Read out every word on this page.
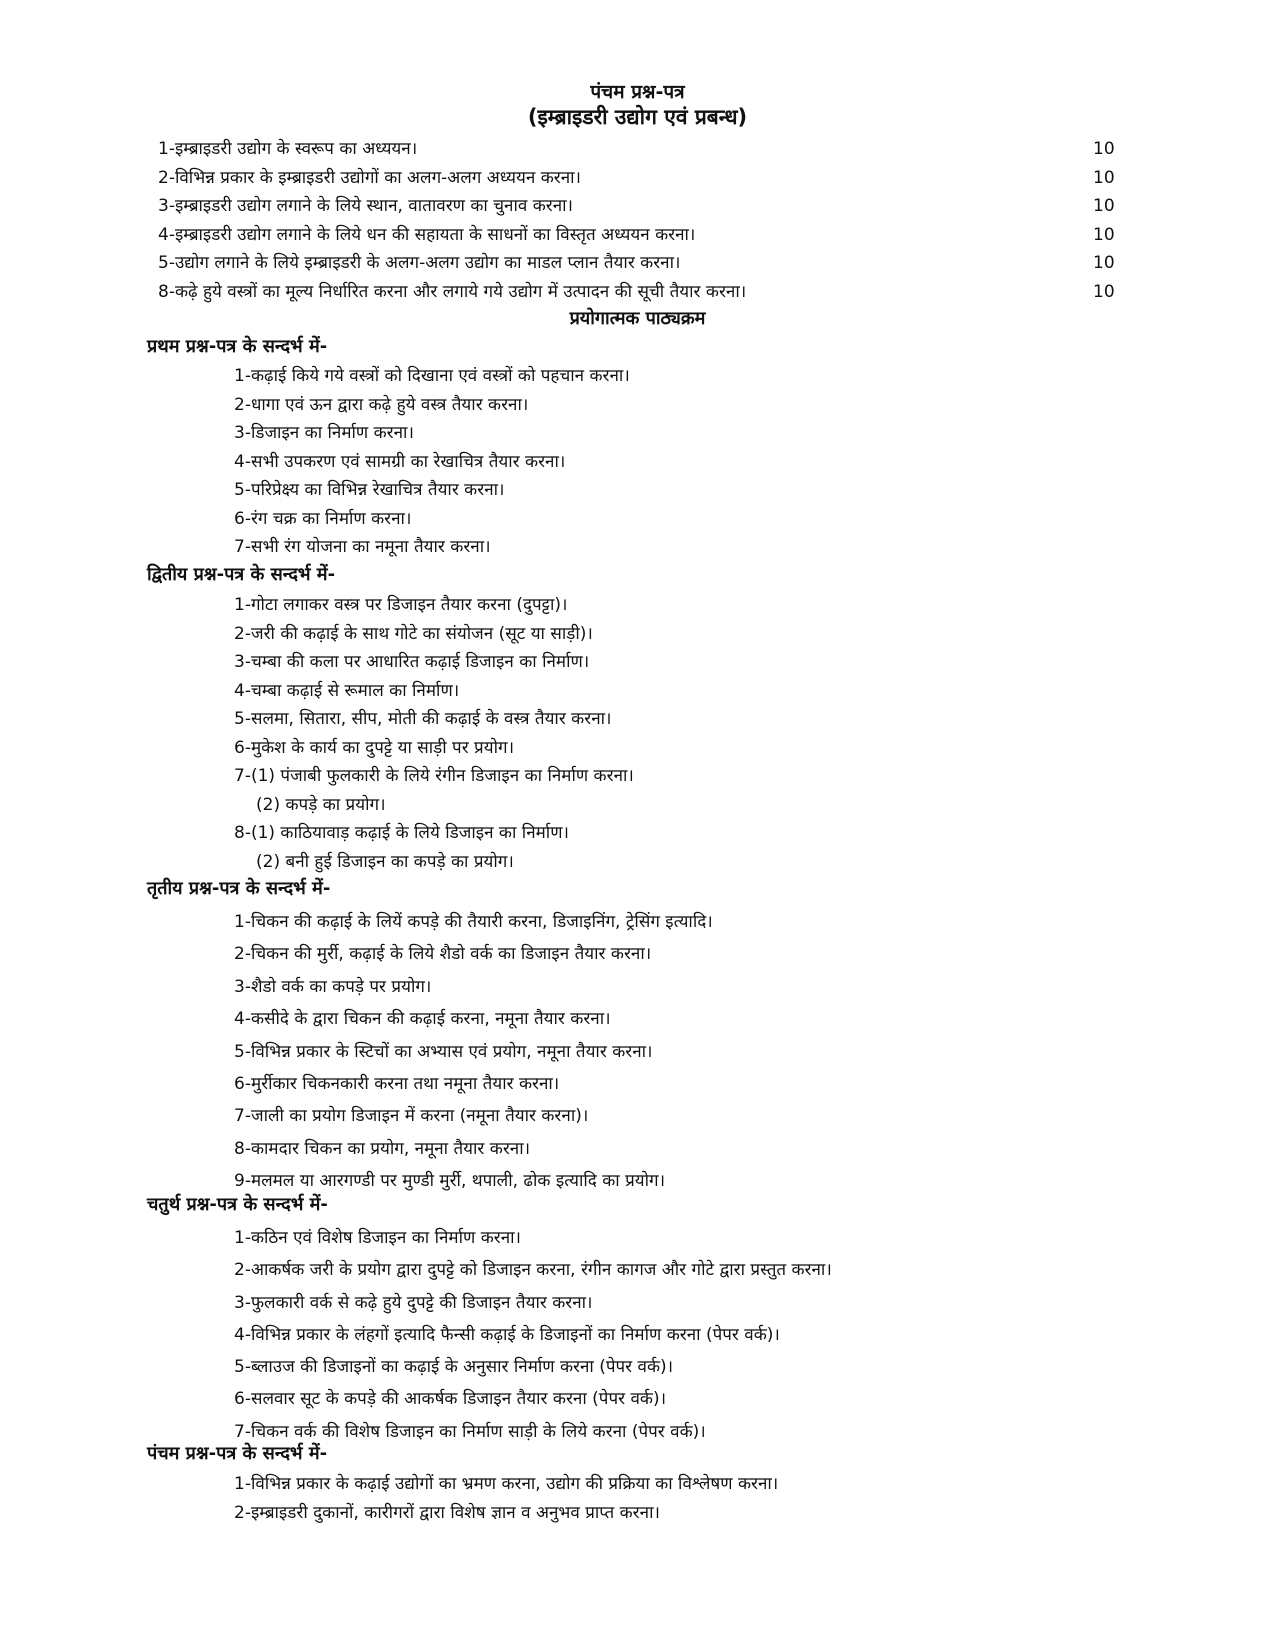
पंचम प्रश्न-पत्र
(इम्ब्राइडरी उद्योग एवं प्रबन्ध)
1-इम्ब्राइडरी उद्योग के स्वरूप का अध्ययन।	10
2-विभिन्न प्रकार के इम्ब्राइडरी उद्योगों का अलग-अलग अध्ययन करना।	10
3-इम्ब्राइडरी उद्योग लगाने के लिये स्थान, वातावरण का चुनाव करना।	10
4-इम्ब्राइडरी उद्योग लगाने के लिये धन की सहायता के साधनों का विस्तृत अध्ययन करना।	10
5-उद्योग लगाने के लिये इम्ब्राइडरी के अलग-अलग उद्योग का माडल प्लान तैयार करना।	10
8-कढ़े हुये वस्त्रों का मूल्य निर्धारित करना और लगाये गये उद्योग में उत्पादन की सूची तैयार करना।	10
प्रयोगात्मक पाठ्यक्रम
प्रथम प्रश्न-पत्र के सन्दर्भ में-
1-कढ़ाई किये गये वस्त्रों को दिखाना एवं वस्त्रों को पहचान करना।
2-धागा एवं ऊन द्वारा कढ़े हुये वस्त्र तैयार करना।
3-डिजाइन का निर्माण करना।
4-सभी उपकरण एवं सामग्री का रेखाचित्र तैयार करना।
5-परिप्रेक्ष्य का विभिन्न रेखाचित्र तैयार करना।
6-रंग चक्र का निर्माण करना।
7-सभी रंग योजना का नमूना तैयार करना।
द्वितीय प्रश्न-पत्र के सन्दर्भ में-
1-गोटा लगाकर वस्त्र पर डिजाइन तैयार करना (दुपट्टा)।
2-जरी की कढ़ाई के साथ गोटे का संयोजन (सूट या साड़ी)।
3-चम्बा की कला पर आधारित कढ़ाई डिजाइन का निर्माण।
4-चम्बा कढ़ाई से रूमाल का निर्माण।
5-सलमा, सितारा, सीप, मोती की कढ़ाई के वस्त्र तैयार करना।
6-मुकेश के कार्य का दुपट्टे या साड़ी पर प्रयोग।
7-(1) पंजाबी फुलकारी के लिये रंगीन डिजाइन का निर्माण करना।
(2) कपड़े का प्रयोग।
8-(1) काठियावाड़ कढ़ाई के लिये डिजाइन का निर्माण।
(2) बनी हुई डिजाइन का कपड़े का प्रयोग।
तृतीय प्रश्न-पत्र के सन्दर्भ में-
1-चिकन की कढ़ाई के लियें कपड़े की तैयारी करना, डिजाइनिंग, ट्रेसिंग इत्यादि।
2-चिकन की मुर्री, कढ़ाई के लिये शैडो वर्क का डिजाइन तैयार करना।
3-शैडो वर्क का कपड़े पर प्रयोग।
4-कसीदे के द्वारा चिकन की कढ़ाई करना, नमूना तैयार करना।
5-विभिन्न प्रकार के स्टिचों का अभ्यास एवं प्रयोग, नमूना तैयार करना।
6-मुर्रीकार चिकनकारी करना तथा नमूना तैयार करना।
7-जाली का प्रयोग डिजाइन में करना (नमूना तैयार करना)।
8-कामदार चिकन का प्रयोग, नमूना तैयार करना।
9-मलमल या आरगण्डी पर मुण्डी मुर्री, थपाली, ढोक इत्यादि का प्रयोग।
चतुर्थ प्रश्न-पत्र के सन्दर्भ में-
1-कठिन एवं विशेष डिजाइन का निर्माण करना।
2-आकर्षक जरी के प्रयोग द्वारा दुपट्टे को डिजाइन करना, रंगीन कागज और गोटे द्वारा प्रस्तुत करना।
3-फुलकारी वर्क से कढ़े हुये दुपट्टे की डिजाइन तैयार करना।
4-विभिन्न प्रकार के लंहगों इत्यादि फैन्सी कढ़ाई के डिजाइनों का निर्माण करना (पेपर वर्क)।
5-ब्लाउज की डिजाइनों का कढ़ाई के अनुसार निर्माण करना (पेपर वर्क)।
6-सलवार सूट के कपड़े की आकर्षक डिजाइन तैयार करना (पेपर वर्क)।
7-चिकन वर्क की विशेष डिजाइन का निर्माण साड़ी के लिये करना (पेपर वर्क)।
पंचम प्रश्न-पत्र के सन्दर्भ में-
1-विभिन्न प्रकार के कढ़ाई उद्योगों का भ्रमण करना, उद्योग की प्रक्रिया का विश्लेषण करना।
2-इम्ब्राइडरी दुकानों, कारीगरों द्वारा विशेष ज्ञान व अनुभव प्राप्त करना।
